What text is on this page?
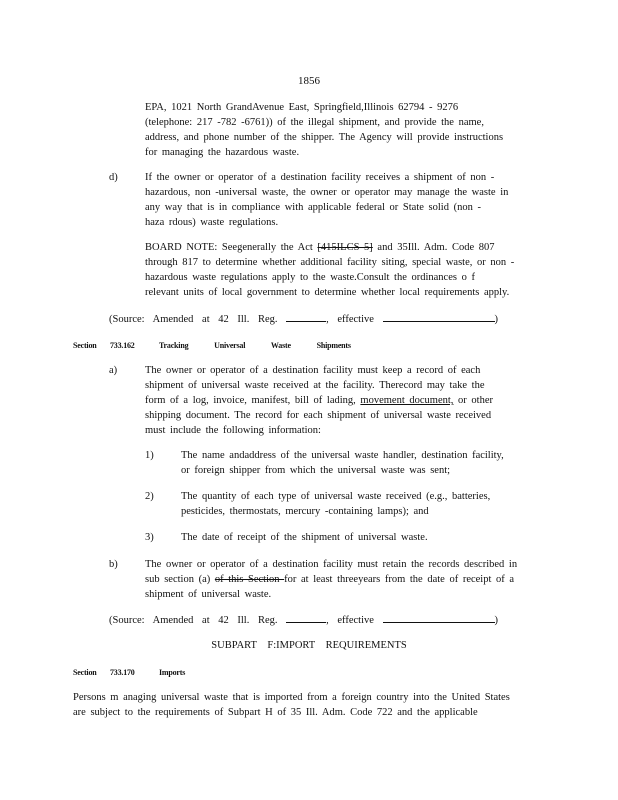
1856

EPA, 1021 North GrandAvenue East, Springfield,Illinois 62794 - 9276

(telephone: 217 -782 -6761)) of the illegal shipment, and provide the name,

address, and phone number of the shipper. The Agency will provide instructions

for managing the hazardous waste.

d)	If the owner or operator of a destination facility receives a shipment of non -

hazardous, non -universal waste, the owner or operator may manage the waste in

any way that is in compliance with applicable federal or State solid (non -

haza rdous) waste regulations.

BOARD NOTE: Seegenerally the Act [415ILCS 5] and 35Ill. Adm. Code 807

through 817 to determine whether additional facility siting, special waste, or non -

hazardous waste regulations apply to the waste.Consult the ordinances o f

relevant units of local government to determine whether local requirements apply.

(Source: Amended at 42 Ill. Reg.	, effective	)
Section 733.162	Tracking Universal Waste Shipments
a)	The owner or operator of a destination facility must keep a record of each

shipment of universal waste received at the facility. Therecord may take the

form of a log, invoice, manifest, bill of lading, movement document, or other

shipping document. The record for each shipment of universal waste received

must include the following information:

1)	The name andaddress of the universal waste handler, destination facility,

or foreign shipper from which the universal waste was sent;

2)	The quantity of each type of universal waste received (e.g., batteries,

pesticides, thermostats, mercury -containing lamps); and

3)	The date of receipt of the shipment of universal waste.

b)	The owner or operator of a destination facility must retain the records described in

sub section (a) of this Section for at least threeyears from the date of receipt of a

shipment of universal waste.

(Source: Amended at 42 Ill. Reg.	, effective	)
SUBPART F:IMPORT REQUIREMENTS
Section 733.170	Imports

Persons m anaging universal waste that is imported from a foreign country into the United States

are subject to the requirements of Subpart H of 35 Ill. Adm. Code 722 and the applicable
